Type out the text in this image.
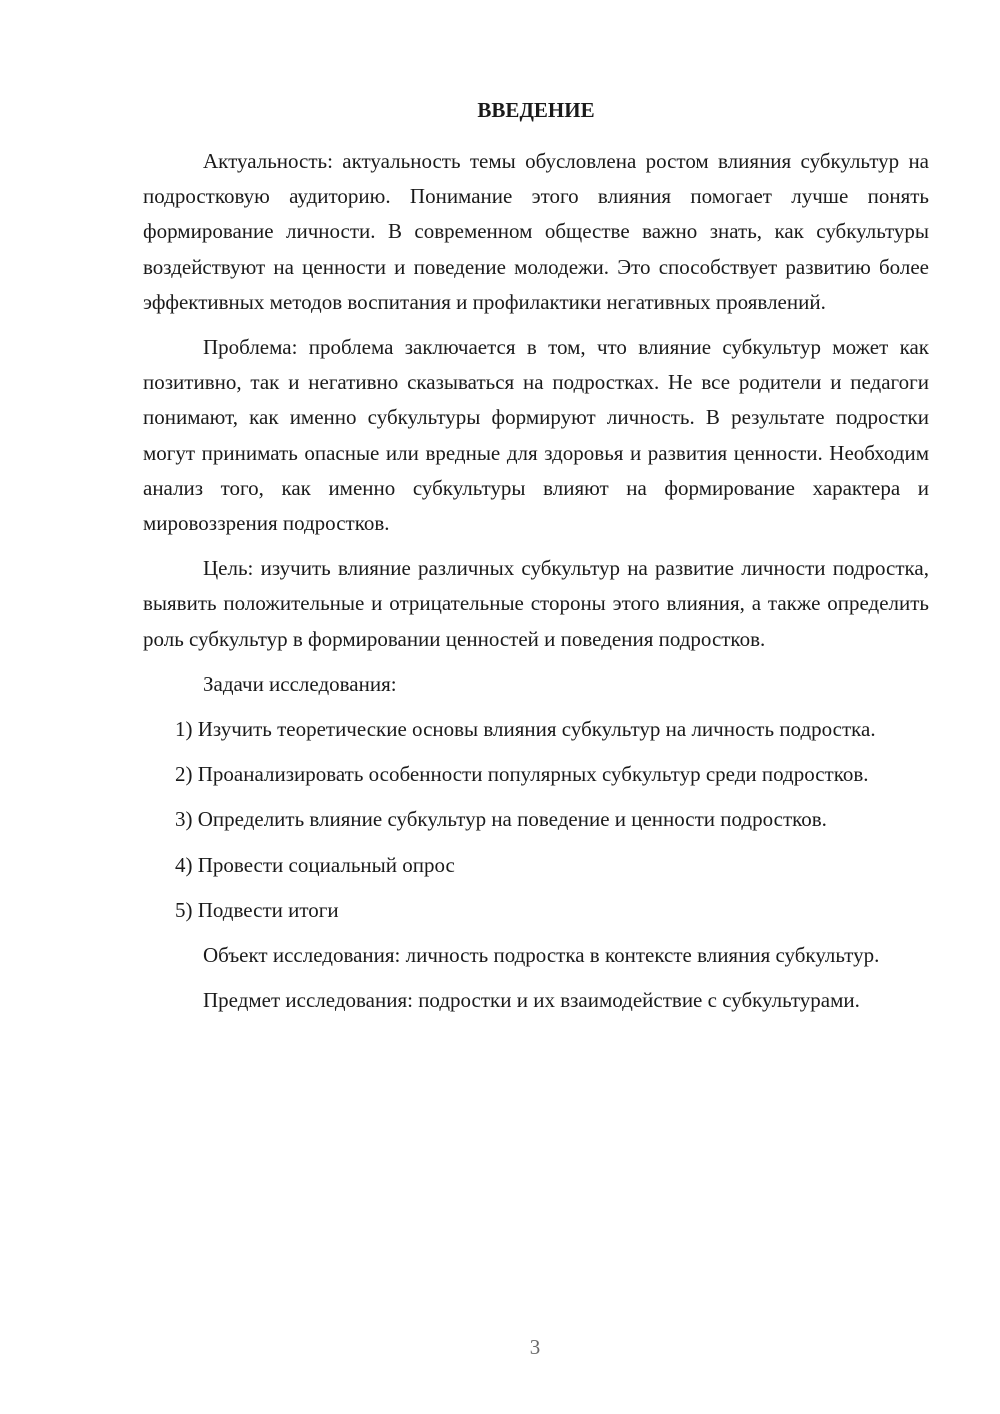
ВВЕДЕНИЕ

Актуальность: актуальность темы обусловлена ростом влияния субкультур на подростковую аудиторию. Понимание этого влияния помогает лучше понять формирование личности. В современном обществе важно знать, как субкультуры воздействуют на ценности и поведение молодежи. Это способствует развитию более эффективных методов воспитания и профилактики негативных проявлений.

Проблема: проблема заключается в том, что влияние субкультур может как позитивно, так и негативно сказываться на подростках. Не все родители и педагоги понимают, как именно субкультуры формируют личность. В результате подростки могут принимать опасные или вредные для здоровья и развития ценности. Необходим анализ того, как именно субкультуры влияют на формирование характера и мировоззрения подростков.

Цель: изучить влияние различных субкультур на развитие личности подростка, выявить положительные и отрицательные стороны этого влияния, а также определить роль субкультур в формировании ценностей и поведения подростков.

Задачи исследования:

1) Изучить теоретические основы влияния субкультур на личность подростка.

2) Проанализировать особенности популярных субкультур среди подростков.

3) Определить влияние субкультур на поведение и ценности подростков.

4) Провести социальный опрос

5) Подвести итоги

Объект исследования: личность подростка в контексте влияния субкультур.

Предмет исследования: подростки и их взаимодействие с субкультурами.

3
